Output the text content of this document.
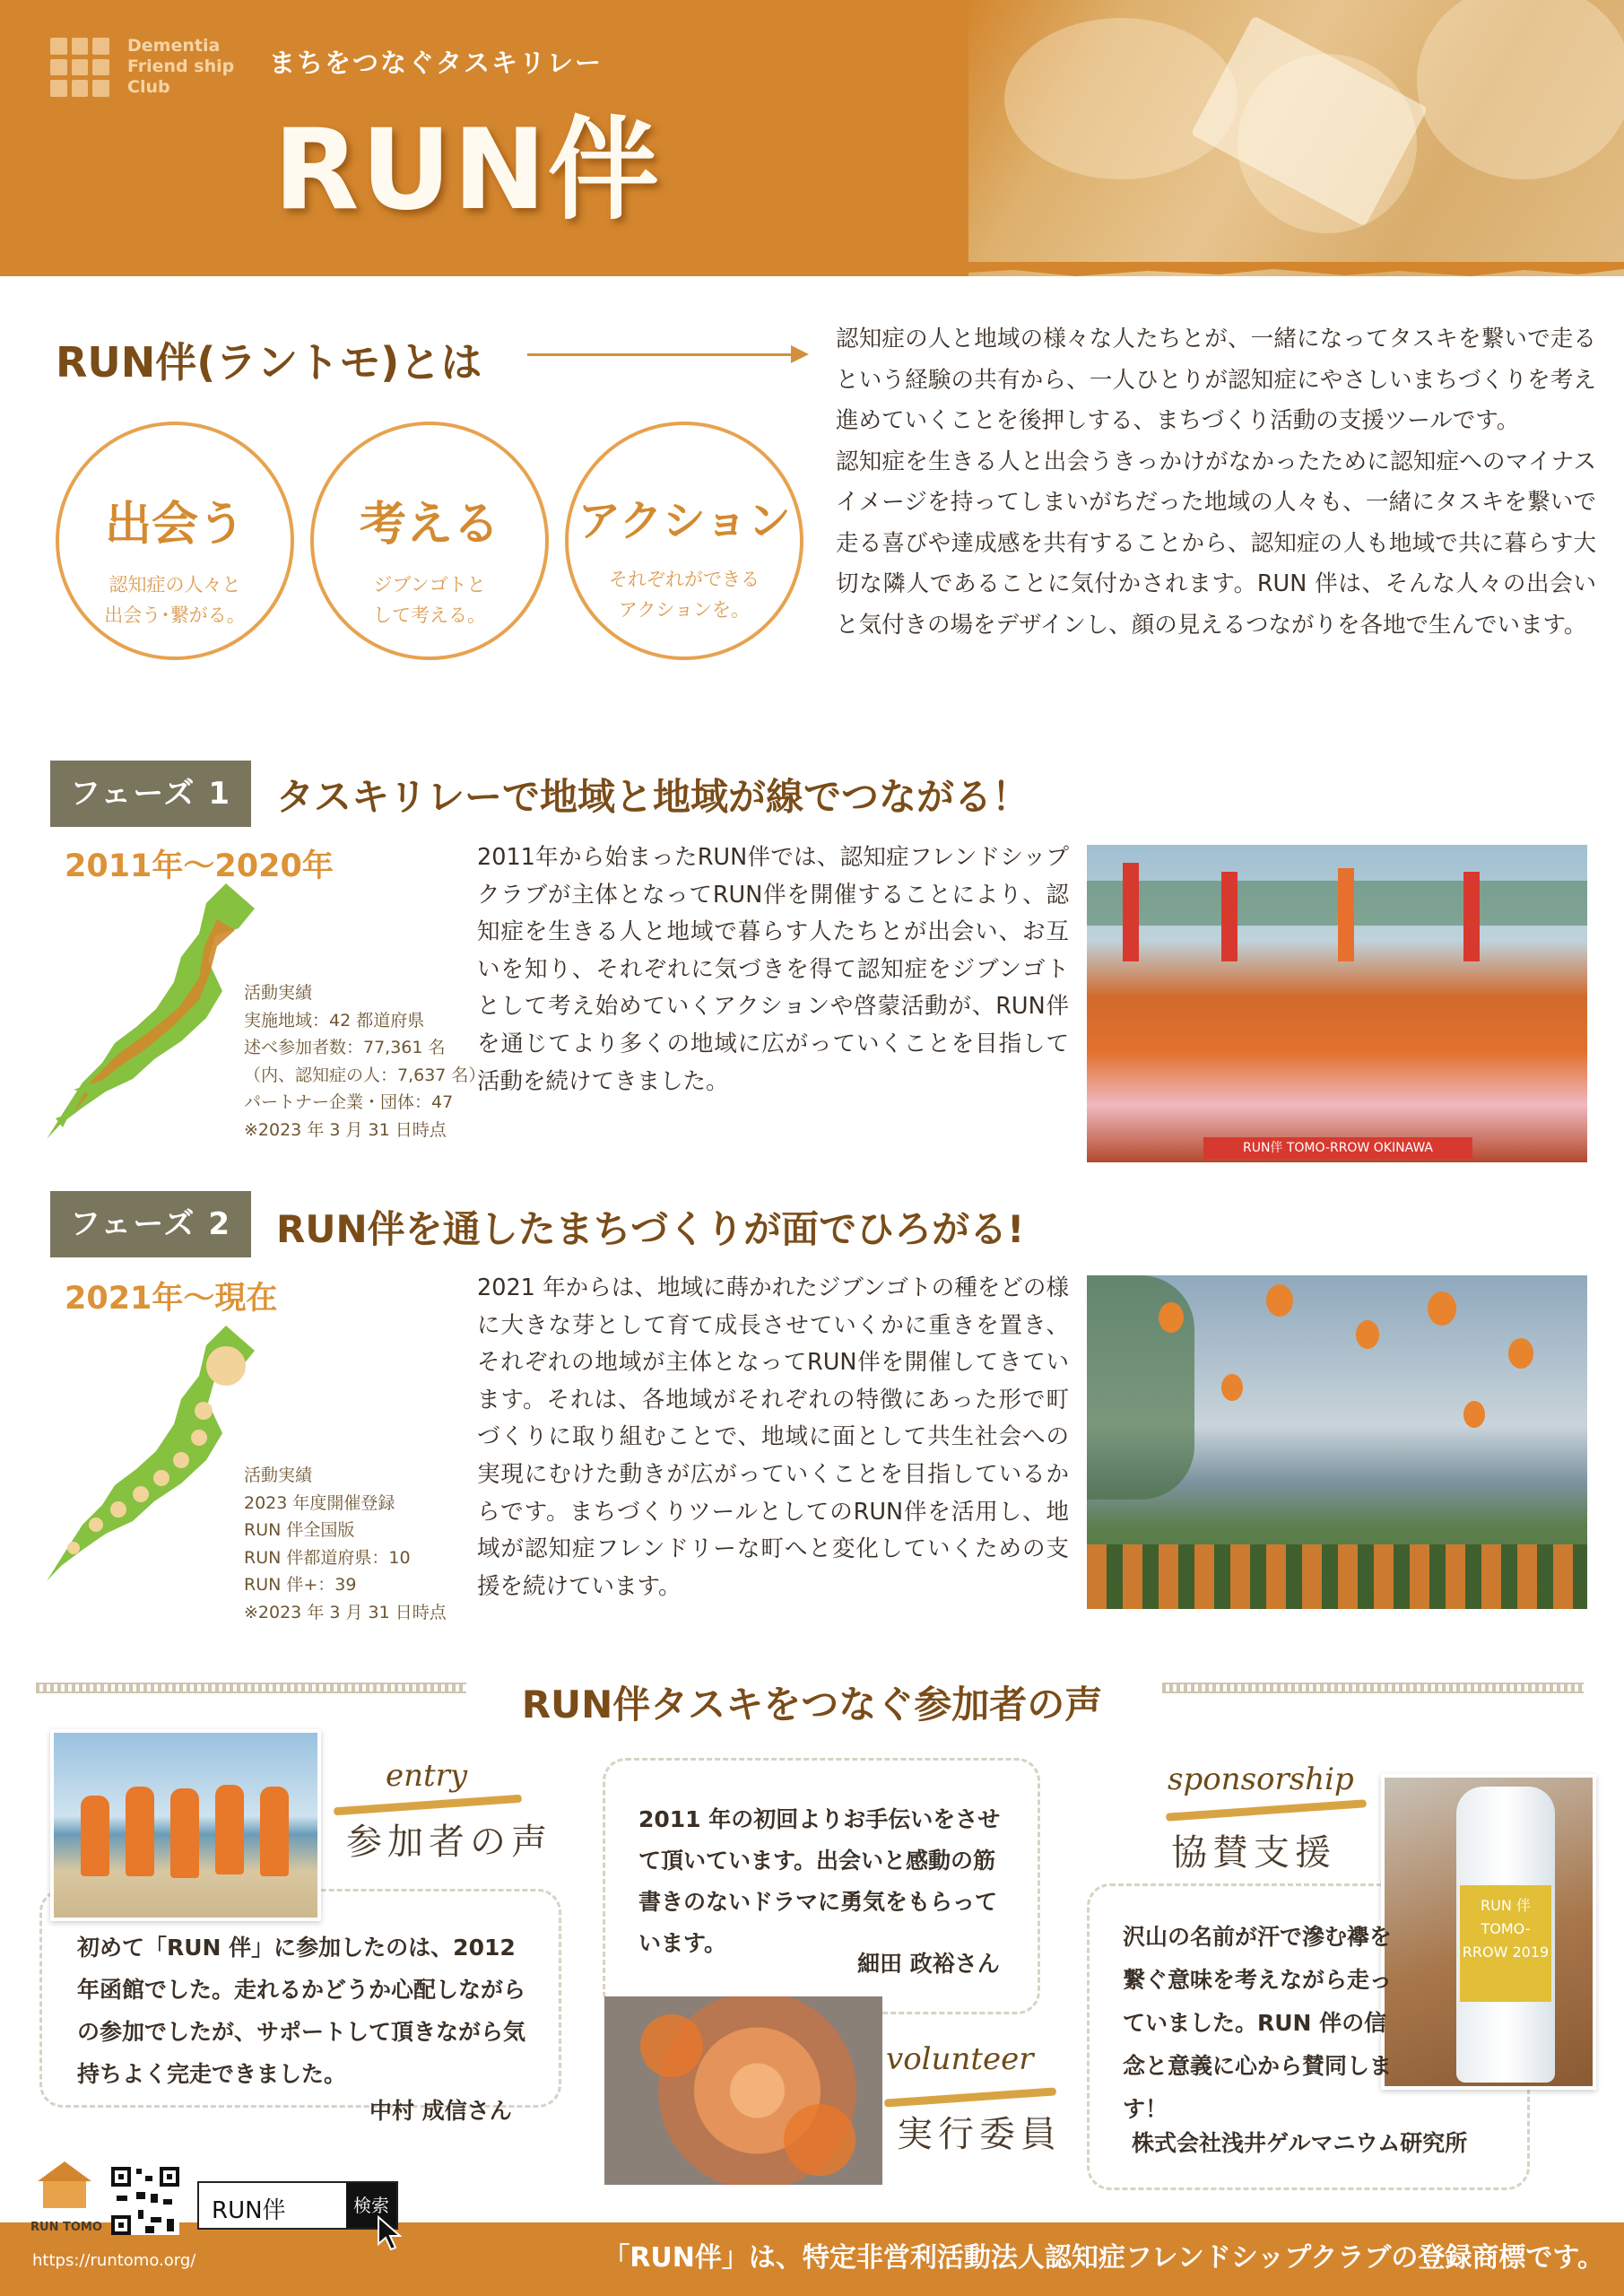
Dementia
Friend ship
Club
まちをつなぐタスキリレー
RUN伴
RUN伴(ラントモ)とは
出会う
認知症の人々と
出会う･繋がる。
考える
ジブンゴトと
して考える。
アクション
それぞれができる
アクションを。
認知症の人と地域の様々な人たちとが、一緒になってタスキを繋いで走るという経験の共有から、一人ひとりが認知症にやさしいまちづくりを考え進めていくことを後押しする、まちづくり活動の支援ツールです。
認知症を生きる人と出会うきっかけがなかったために認知症へのマイナスイメージを持ってしまいがちだった地域の人々も、一緒にタスキを繋いで走る喜びや達成感を共有することから、認知症の人も地域で共に暮らす大切な隣人であることに気付かされます。RUN 伴は、そんな人々の出会いと気付きの場をデザインし、顔の見えるつながりを各地で生んでいます。
フェーズ 1	タスキリレーで地域と地域が線でつながる！
2011年～2020年
活動実績
実施地域：42 都道府県
述べ参加者数：77,361 名
（内、認知症の人：7,637 名）
パートナー企業・団体：47
※2023 年 3 月 31 日時点
2011年から始まったRUN伴では、認知症フレンドシップクラブが主体となってRUN伴を開催することにより、認知症を生きる人と地域で暮らす人たちとが出会い、お互いを知り、それぞれに気づきを得て認知症をジブンゴトとして考え始めていくアクションや啓蒙活動が、RUN伴を通じてより多くの地域に広がっていくことを目指して活動を続けてきました。
RUN伴 TOMO-RROW OKINAWA
フェーズ 2	RUN伴を通したまちづくりが面でひろがる!
2021年～現在
活動実績
2023 年度開催登録
RUN 伴全国版
RUN 伴都道府県：10
RUN 伴+：39
※2023 年 3 月 31 日時点
2021 年からは、地域に蒔かれたジブンゴトの種をどの様に大きな芽として育て成長させていくかに重きを置き、それぞれの地域が主体となってRUN伴を開催してきています。それは、各地域がそれぞれの特徴にあった形で町づくりに取り組むことで、地域に面として共生社会への実現にむけた動きが広がっていくことを目指しているからです。まちづくりツールとしてのRUN伴を活用し、地域が認知症フレンドリーな町へと変化していくための支援を続けています。
RUN伴タスキをつなぐ参加者の声
entry
参加者の声
初めて「RUN 伴」に参加したのは、2012 年函館でした。走れるかどうか心配しながらの参加でしたが、サポートして頂きながら気持ちよく完走できました。
中村 成信さん
2011 年の初回よりお手伝いをさせて頂いています。出会いと感動の筋書きのないドラマに勇気をもらっています。
細田 政裕さん
volunteer
実行委員
sponsorship
協賛支援
RUN 伴 TOMO-RROW 2019
沢山の名前が汗で滲む襷を繋ぐ意味を考えながら走っていました。RUN 伴の信念と意義に心から賛同します！
株式会社浅井ゲルマニウム研究所
RUN TOMO
RUN伴	検索
https://runtomo.org/	「RUN伴」は、特定非営利活動法人認知症フレンドシップクラブの登録商標です。
